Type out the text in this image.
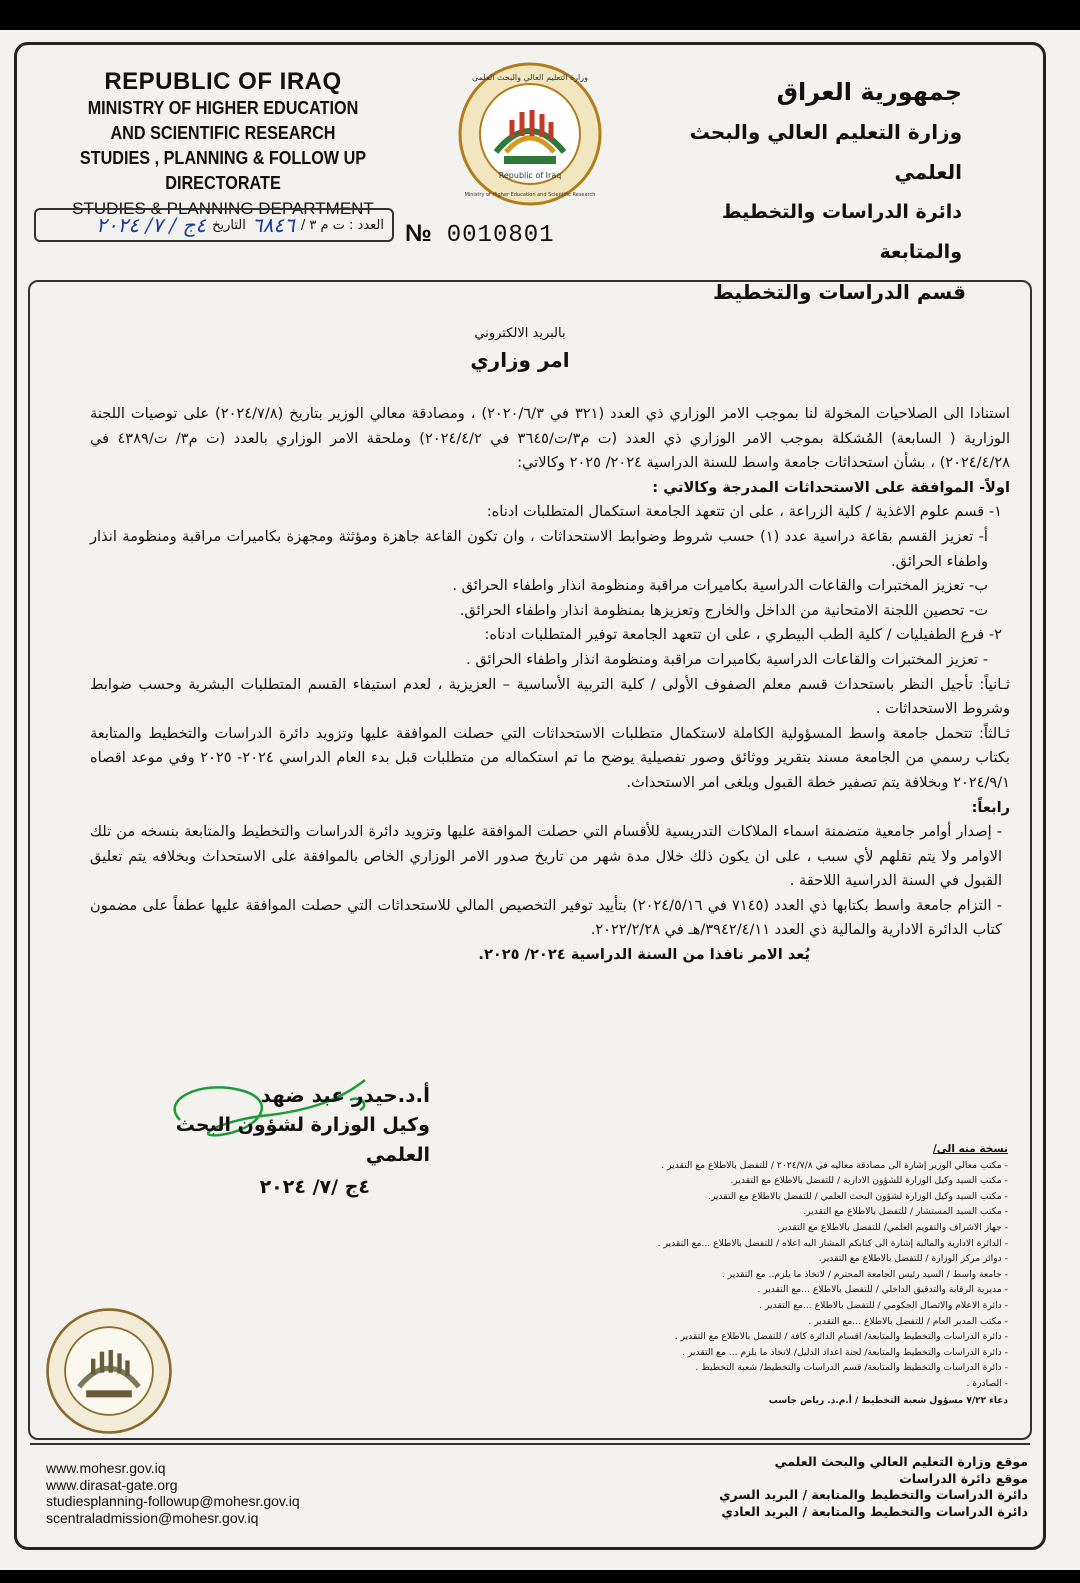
REPUBLIC OF IRAQ
MINISTRY OF HIGHER EDUCATION
AND SCIENTIFIC RESEARCH
STUDIES , PLANNING & FOLLOW UP DIRECTORATE
STUDIES & PLANNING DEPARTMENT
جمهورية العراق
وزارة التعليم العالي والبحث العلمي
دائرة الدراسات والتخطيط والمتابعة
قسم الدراسات والتخطيط
Republic of Iraq
وزارة التعليم العالي والبحث العلمي
Ministry of Higher Education and Scientific Research
العدد : ت م ٣ /
٦٨٤٦
التاريخ
٤ج / ٧/ ٢٠٢٤	№ 0010801
بالبريد الالكتروني
امر وزاري

استنادا الى الصلاحيات المخولة لنا بموجب الامر الوزاري ذي العدد (٣٢١ في ٢٠٢٠/٦/٣) ، ومصادقة معالي الوزير بتاريخ (٢٠٢٤/٧/٨) على توصيات اللجنة الوزارية ( السابعة) المُشكلة بموجب الامر الوزاري ذي العدد (ت م٣/ت/٣٦٤٥ في ٢٠٢٤/٤/٢) وملحقة الامر الوزاري بالعدد (ت م٣/ ت/٤٣٨٩ في ٢٠٢٤/٤/٢٨) ، بشأن استحداثات جامعة واسط للسنة الدراسية ٢٠٢٤/ ٢٠٢٥ وكالاتي:

اولاً- الموافقة على الاستحداثات المدرجة وكالاتي :

١- قسم علوم الاغذية / كلية الزراعة ، على ان تتعهد الجامعة استكمال المتطلبات ادناه:

أ- تعزيز القسم بقاعة دراسية عدد (١) حسب شروط وضوابط الاستحداثات ، وان تكون القاعة جاهزة ومؤثثة ومجهزة بكاميرات مراقبة ومنظومة انذار واطفاء الحرائق.

ب- تعزيز المختبرات والقاعات الدراسية بكاميرات مراقبة ومنظومة انذار واطفاء الحرائق .

ت- تحصين اللجنة الامتحانية من الداخل والخارج وتعزيزها بمنظومة انذار واطفاء الحرائق.

٢- فرع الطفيليات / كلية الطب البيطري ، على ان تتعهد الجامعة توفير المتطلبات ادناه:

- تعزيز المختبرات والقاعات الدراسية بكاميرات مراقبة ومنظومة انذار واطفاء الحرائق .

ثـانياً: تأجيل النظر باستحداث قسم معلم الصفوف الأولى / كلية التربية الأساسية – العزيزية ، لعدم استيفاء القسم المتطلبات البشرية وحسب ضوابط وشروط الاستحداثات .

ثـالثاً: تتحمل جامعة واسط المسؤولية الكاملة لاستكمال متطلبات الاستحداثات التي حصلت الموافقة عليها وتزويد دائرة الدراسات والتخطيط والمتابعة بكتاب رسمي من الجامعة مسند بتقرير ووثائق وصور تفصيلية يوضح ما تم استكماله من متطلبات قبل بدء العام الدراسي ٢٠٢٤- ٢٠٢٥ وفي موعد اقصاه ٢٠٢٤/٩/١ وبخلافة يتم تصفير خطة القبول ويلغى امر الاستحداث.

رابعاً:

- إصدار أوامر جامعية متضمنة اسماء الملاكات التدريسية للأقسام التي حصلت الموافقة عليها وتزويد دائرة الدراسات والتخطيط والمتابعة بنسخه من تلك الاوامر ولا يتم نقلهم لأي سبب ، على ان يكون ذلك خلال مدة شهر من تاريخ صدور الامر الوزاري الخاص بالموافقة على الاستحداث وبخلافه يتم تعليق القبول في السنة الدراسية اللاحقة .

- التزام جامعة واسط بكتابها ذي العدد (٧١٤٥ في ٢٠٢٤/٥/١٦) بتأييد توفير التخصيص المالي للاستحداثات التي حصلت الموافقة عليها عطفاً على مضمون كتاب الدائرة الادارية والمالية ذي العدد ٣٩٤٢/٤/١١/هـ في ٢٠٢٢/٢/٢٨.

يُعد الامر نافذا من السنة الدراسية ٢٠٢٤/ ٢٠٢٥.

أ.د.حيدر عبد ضهد
وكيل الوزارة لشؤون البحث العلمي
٤ج /٧/ ٢٠٢٤
نسخة منه الى/
- مكتب معالي الوزير إشارة الى مصادقة معاليه في ٢٠٢٤/٧/٨ / للتفضل بالاطلاع مع التقدير .
- مكتب السيد وكيل الوزارة للشؤون الادارية / للتفضل بالاطلاع مع التقدير.
- مكتب السيد وكيل الوزارة لشؤون البحث العلمي / للتفضل بالاطلاع مع التقدير.
- مكتب السيد المستشار / للتفضل بالاطلاع مع التقدير.
- جهاز الاشراف والتقويم العلمي/ للتفضل بالاطلاع مع التقدير.
- الدائرة الادارية والمالية إشارة الى كتابكم المشار اليه اعلاه / للتفضل بالاطلاع ...مع التقدير .
- دوائر مركز الوزارة / للتفضل بالاطلاع مع التقدير.
- جامعة واسط / السيد رئيس الجامعة المحترم / لاتخاذ ما يلزم.. مع التقدير .
- مديرية الرقابة والتدقيق الداخلي / للتفضل بالاطلاع ...مع التقدير .
- دائرة الاعلام والاتصال الحكومي / للتفضل بالاطلاع ...مع التقدير .
- مكتب المدير العام / للتفضل بالاطلاع ...مع التقدير .
- دائرة الدراسات والتخطيط والمتابعة/ اقسام الدائرة كافة / للتفضل بالاطلاع مع التقدير .
- دائرة الدراسات والتخطيط والمتابعة/ لجنة اعداد الدليل/ لاتخاذ ما يلزم ... مع التقدير .
- دائرة الدراسات والتخطيط والمتابعة/ قسم الدراسات والتخطيط/ شعبة التخطيط .
- الصادرة .
دعاء ٧/٢٢ مسؤول شعبة التخطيط / أ.م.د. رياض جاسب
www.mohesr.gov.iq
www.dirasat-gate.org
studiesplanning-followup@mohesr.gov.iq
scentraladmission@mohesr.gov.iq
موقع وزارة التعليم العالي والبحث العلمي
موقع دائرة الدراسات
دائرة الدراسات والتخطيط والمتابعة / البريد السري
دائرة الدراسات والتخطيط والمتابعة / البريد العادي
